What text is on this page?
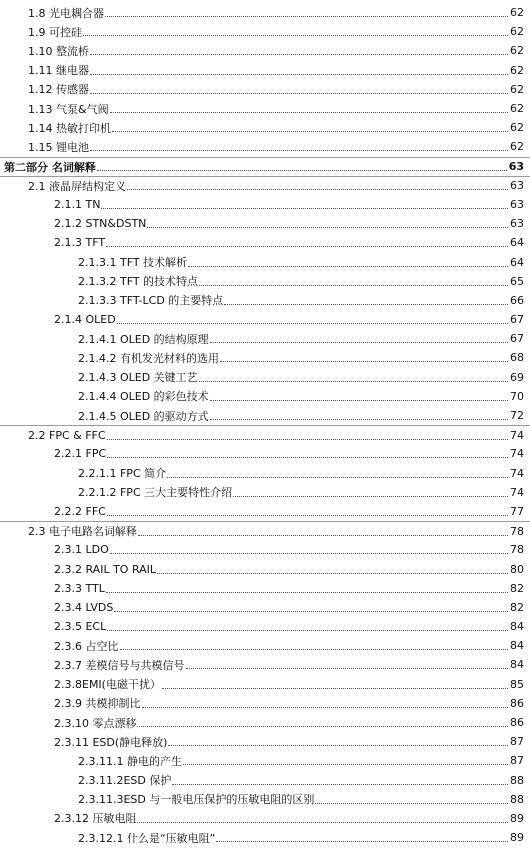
1.8 光电耦合器	62
1.9 可控硅	62
1.10 整流桥	62
1.11 继电器	62
1.12 传感器	62
1.13 气泵&气阀	62
1.14 热敏打印机	62
1.15 锂电池	62
第二部分 名词解释	63
2.1 液晶屏结构定义	63
2.1.1 TN	63
2.1.2 STN&DSTN	63
2.1.3 TFT	64
2.1.3.1 TFT 技术解析	64
2.1.3.2 TFT 的技术特点	65
2.1.3.3 TFT-LCD 的主要特点	66
2.1.4 OLED	67
2.1.4.1 OLED 的结构原理	67
2.1.4.2 有机发光材料的选用	68
2.1.4.3 OLED 关键工艺	69
2.1.4.4 OLED 的彩色技术	70
2.1.4.5 OLED 的驱动方式	72
2.2 FPC & FFC	74
2.2.1 FPC	74
2.2.1.1 FPC 简介	74
2.2.1.2 FPC 三大主要特性介绍	74
2.2.2 FFC	77
2.3 电子电路名词解释	78
2.3.1 LDO	78
2.3.2 RAIL TO RAIL	80
2.3.3 TTL	82
2.3.4 LVDS	82
2.3.5 ECL	84
2.3.6 占空比	84
2.3.7 差模信号与共模信号	84
2.3.8EMI(电磁干扰）	85
2.3.9 共模抑制比	86
2.3.10 零点漂移	86
2.3.11 ESD(静电释放)	87
2.3.11.1 静电的产生	87
2.3.11.2ESD 保护	88
2.3.11.3ESD 与一般电压保护的压敏电阻的区别	88
2.3.12 压敏电阻	89
2.3.12.1 什么是“压敏电阻”	89
